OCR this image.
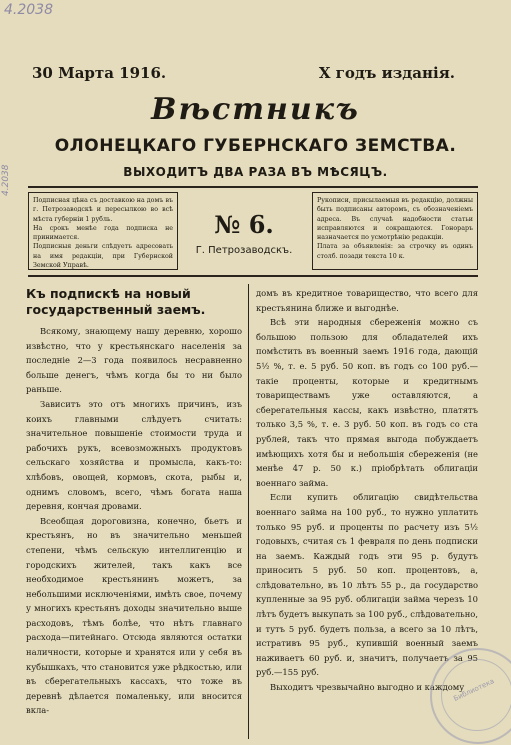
4.2038
4.2038
30 Марта 1916.	X годъ изданія.
Вѣстникъ
ОЛОНЕЦКАГО ГУБЕРНСКАГО ЗЕМСТВА.
ВЫХОДИТЪ ДВА РАЗА ВЪ МѢСЯЦЪ.

Подписная цѣна съ доставкою на домъ въ г. Петрозаводскѣ и пересылкою во всѣ мѣста губерніи 1 рубль.

На срокъ менѣе года подписка не принимается.

Подписныя деньги слѣдуетъ адресовать на имя редакціи, при Губернской Земской Управѣ.

№ 6.
Г. Петрозаводскъ.

Рукописи, присылаемыя въ редакцію, должны быть подписаны авторомъ, съ обозначеніемъ адреса. Въ случаѣ надобности статьи исправляются и сокращаются. Гонораръ назначается по усмотрѣнію редакціи.

Плата за объявленія: за строчку въ одинъ столб. позади текста 10 к.

Къ подпискѣ на новый государственный заемъ.

Всякому, знающему нашу деревню, хорошо извѣстно, что у крестьянскаго населенія за последніе 2—3 года появилось несравненно больше денегъ, чѣмъ когда бы то ни было раньше.

Зависитъ это отъ многихъ причинъ, изъ коихъ главными слѣдуетъ считать: значительное повышеніе стоимости труда и рабочихъ рукъ, всевозможныхъ продуктовъ сельскаго хозяйства и промысла, какъ-то: хлѣбовъ, овощей, кормовъ, скота, рыбы и, однимъ словомъ, всего, чѣмъ богата наша деревня, кончая дровами.

Всеобщая дороговизна, конечно, бьетъ и крестьянъ, но въ значительно меньшей степени, чѣмъ сельскую интеллигенцію и городскихъ жителей, такъ какъ все необходимое крестьянинъ можетъ, за небольшими исключеніями, имѣть свое, почему у многихъ крестьянъ доходы значительно выше расходовъ, тѣмъ болѣе, что нѣтъ главнаго расхода—питейнаго. Отсюда являются остатки наличности, которые и хранятся или у себя въ кубышкахъ, что становится уже рѣдкостью, или въ сберегательныхъ кассахъ, что тоже въ деревнѣ дѣлается помаленьку, или вносится вкла-

домъ въ кредитное товарищество, что всего для крестьянина ближе и выгоднѣе.

Всѣ эти народныя сбереженія можно съ большою пользою для обладателей ихъ помѣстить въ военный заемъ 1916 года, дающій 5½ %, т. е. 5 руб. 50 коп. въ годъ со 100 руб.—такіе проценты, которые и кредитнымъ товариществамъ уже оставляются, а сберегательныя кассы, какъ извѣстно, платятъ только 3,5 %, т. е. 3 руб. 50 коп. въ годъ со ста рублей, такъ что прямая выгода побуждаетъ имѣющихъ хотя бы и небольшія сбереженія (не менѣе 47 р. 50 к.) пріобрѣтать облигаціи военнаго займа.

Если купить облигацію свидѣтельства военнаго займа на 100 руб., то нужно уплатить только 95 руб. и проценты по расчету изъ 5½ годовыхъ, считая съ 1 февраля по день подписки на заемъ. Каждый годъ эти 95 р. будутъ приносить 5 руб. 50 коп. процентовъ, а, слѣдовательно, въ 10 лѣтъ 55 р., да государство купленные за 95 руб. облигаціи займа черезъ 10 лѣтъ будетъ выкупать за 100 руб., слѣдовательно, и тутъ 5 руб. будетъ польза, а всего за 10 лѣтъ, истративъ 95 руб., купившій военный заемъ наживаетъ 60 руб. и, значитъ, получаетъ за 95 руб.—155 руб.

Выходитъ чрезвычайно выгодно и каждому

Библиотека
